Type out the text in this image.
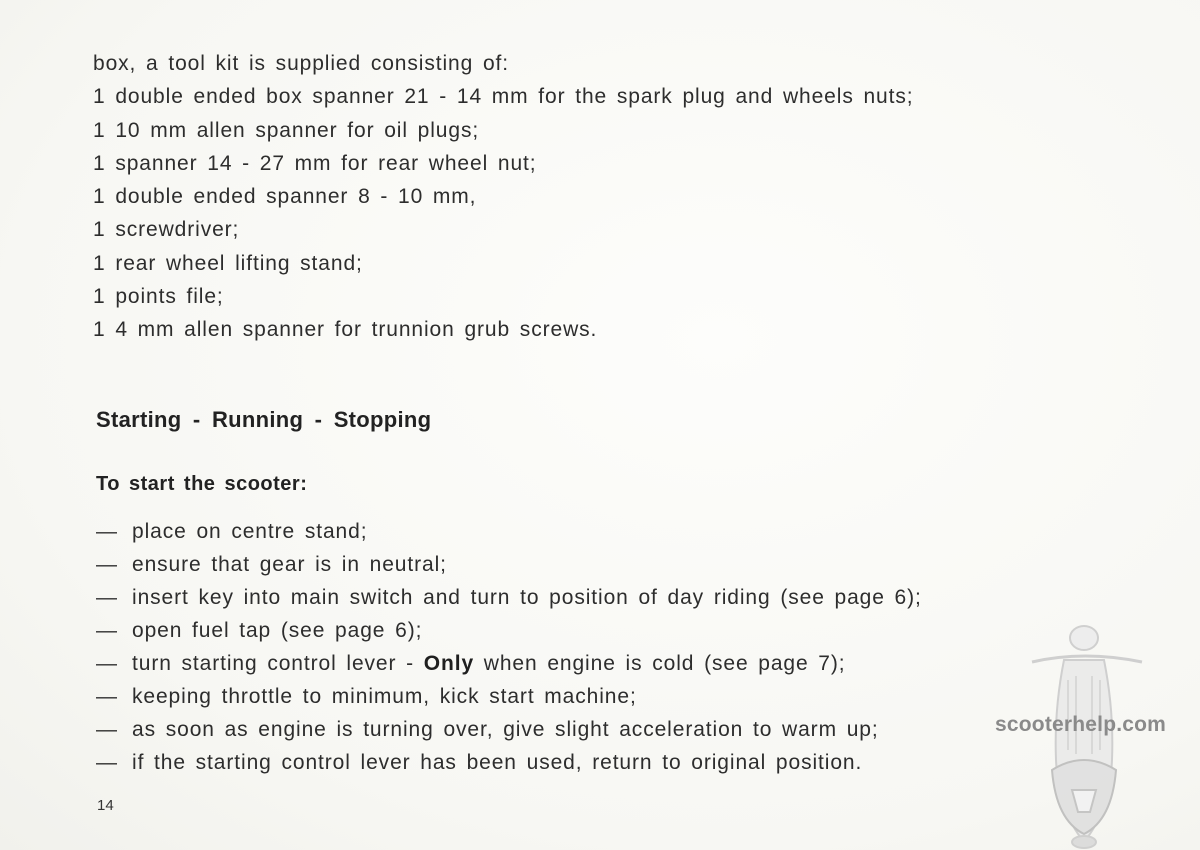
box, a tool kit is supplied consisting of:
1 double ended box spanner 21 - 14 mm for the spark plug and wheels nuts;
1 10 mm allen spanner for oil plugs;
1 spanner 14 - 27 mm for rear wheel nut;
1 double ended spanner 8 - 10 mm,
1 screwdriver;
1 rear wheel lifting stand;
1 points file;
1 4 mm allen spanner for trunnion grub screws.
Starting - Running - Stopping
To start the scooter:
— place on centre stand;
— ensure that gear is in neutral;
— insert key into main switch and turn to position of day riding (see page 6);
— open fuel tap (see page 6);
— turn starting control lever - Only when engine is cold (see page 7);
— keeping throttle to minimum, kick start machine;
— as soon as engine is turning over, give slight acceleration to warm up;
— if the starting control lever has been used, return to original position.

14

scooterhelp.com
